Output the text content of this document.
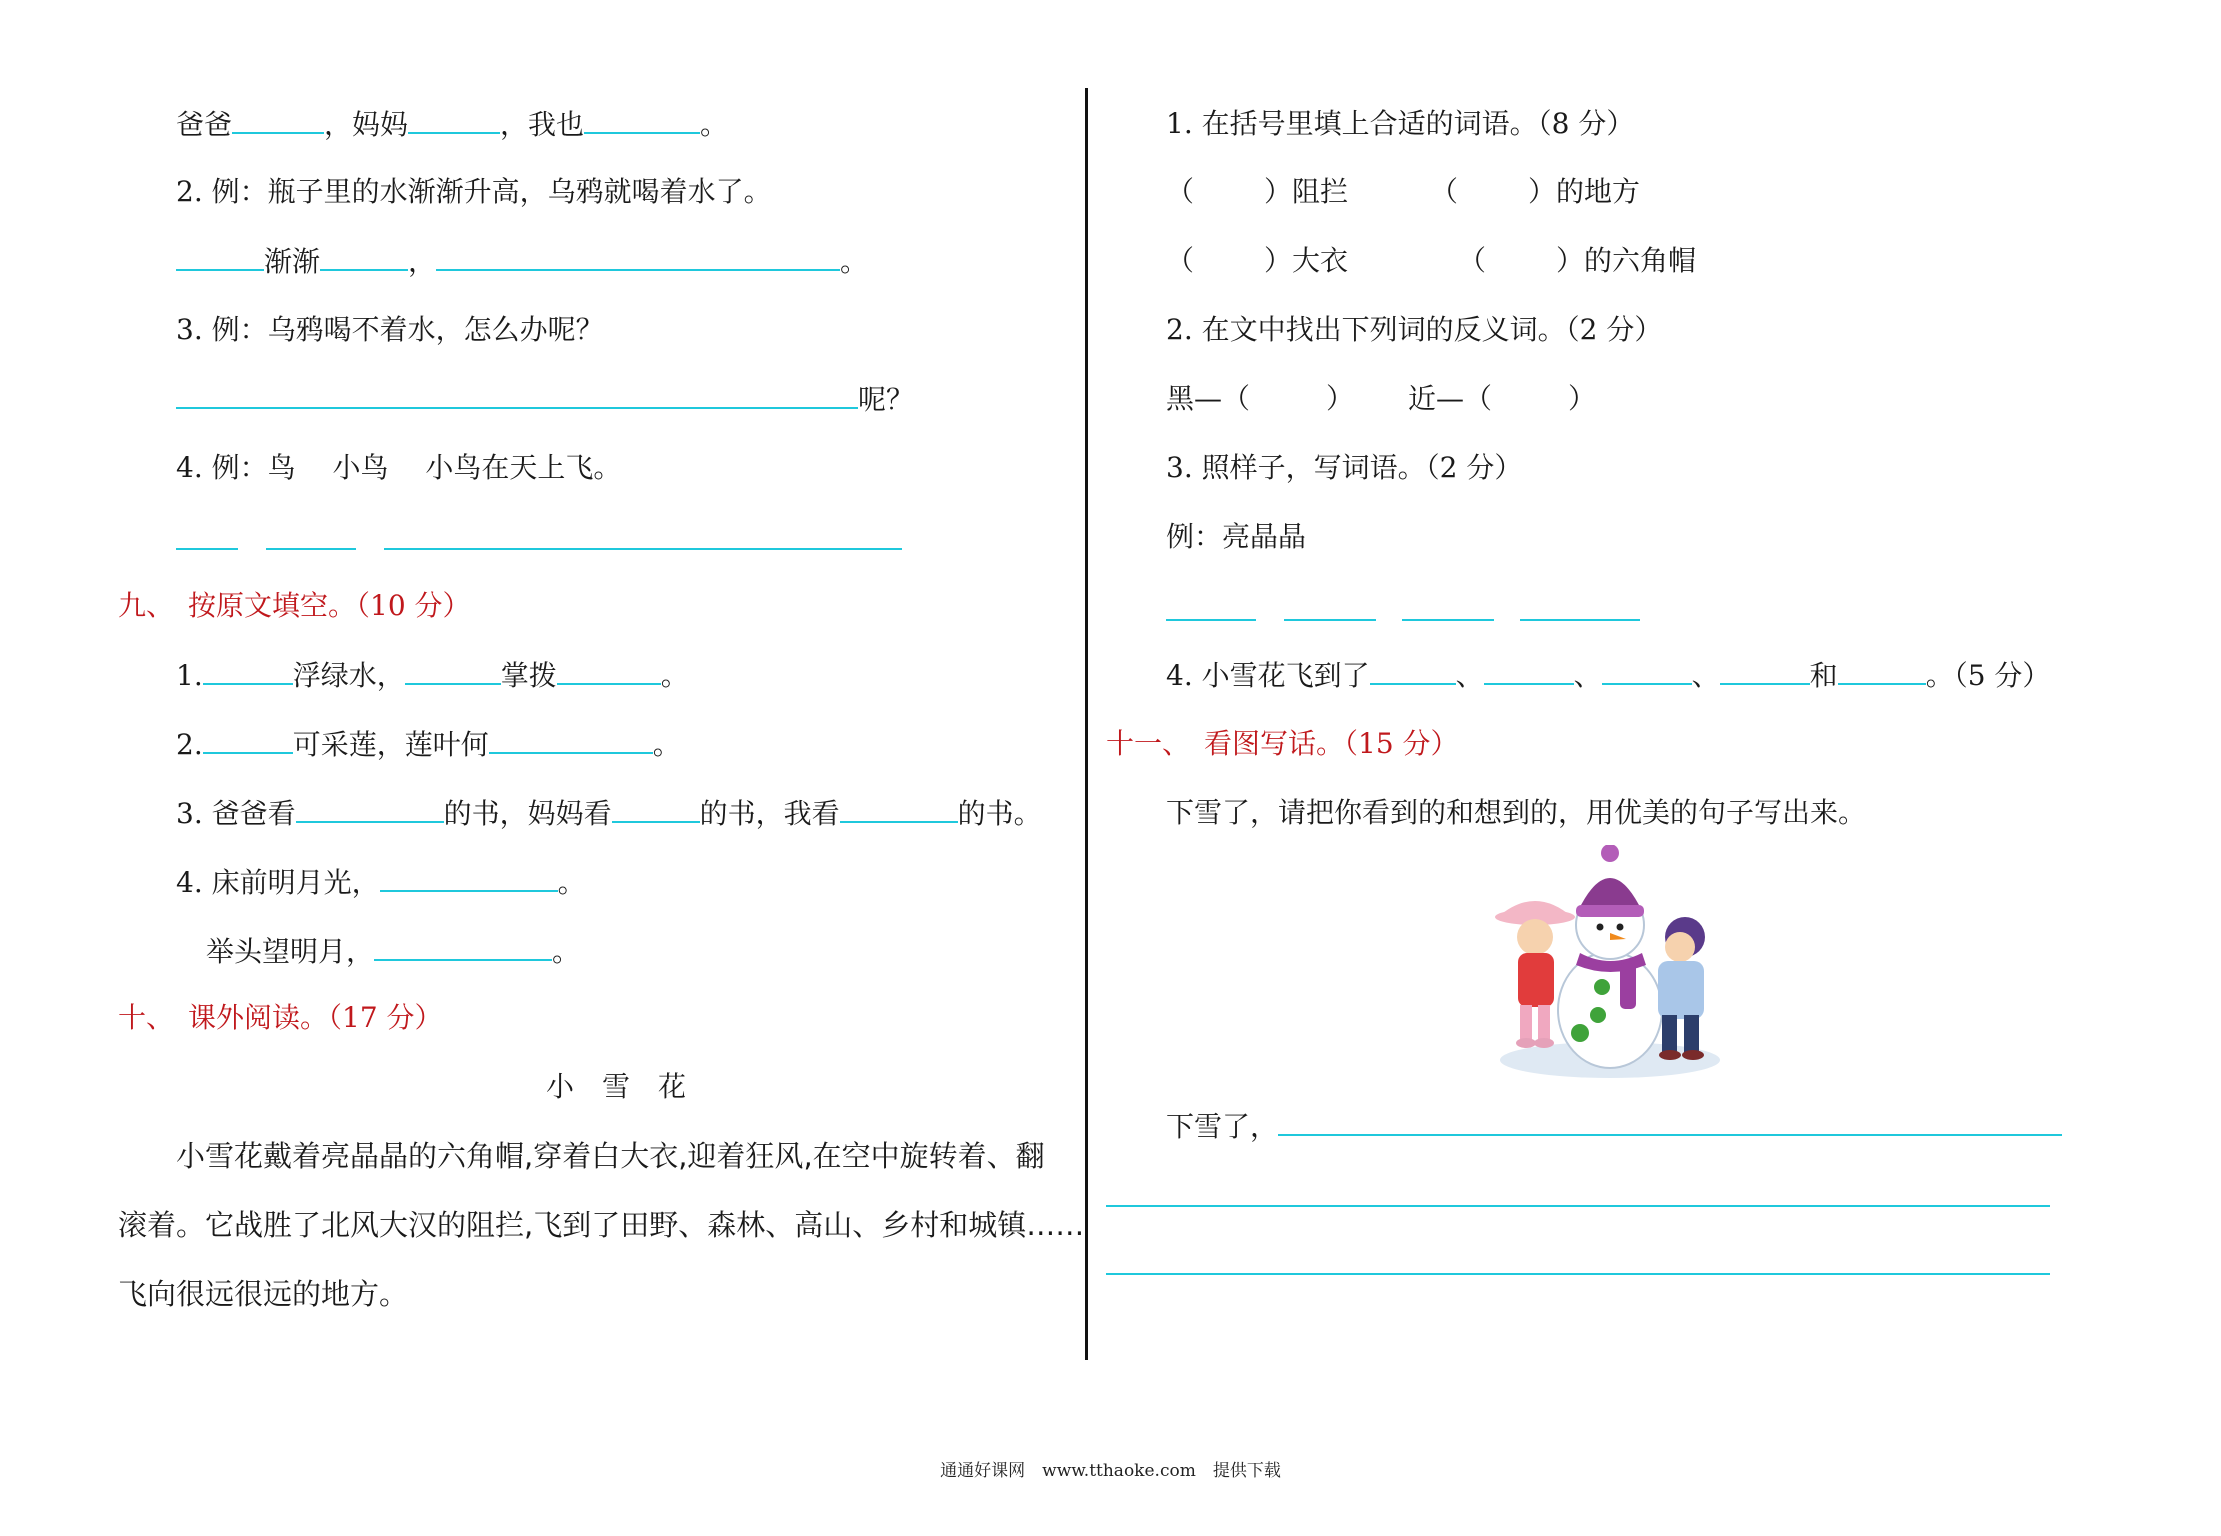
爸爸	，妈妈	，我也	。
2. 例：瓶子里的水渐渐升高，乌鸦就喝着水了。
渐渐	，	。
3. 例：乌鸦喝不着水，怎么办呢？
呢？
4. 例：鸟　 小鸟　 小鸟在天上飞。
九、　按原文填空。（10 分）
1.	浮绿水，	掌拨	。
2.	可采莲，莲叶何	。
3. 爸爸看	的书，妈妈看	的书，我看	的书。
4. 床前明月光，	。
举头望明月，	。
十、　课外阅读。（17 分）
小　雪　花
小雪花戴着亮晶晶的六角帽,穿着白大衣,迎着狂风,在空中旋转着、翻
滚着。它战胜了北风大汉的阻拦,飞到了田野、森林、高山、乡村和城镇……
飞向很远很远的地方。
1. 在括号里填上合适的词语。（8 分）
（	）阻拦	（	）的地方
（	）大衣	（	）的六角帽
2. 在文中找出下列词的反义词。（2 分）
黑—（	） 近—（	）
3. 照样子，写词语。（2 分）
例：亮晶晶
4. 小雪花飞到了	、	、	、	和	。（5 分）
十一、　看图写话。（15 分）
下雪了，请把你看到的和想到的，用优美的句子写出来。
下雪了，
通通好课网　www.tthaoke.com　提供下载
